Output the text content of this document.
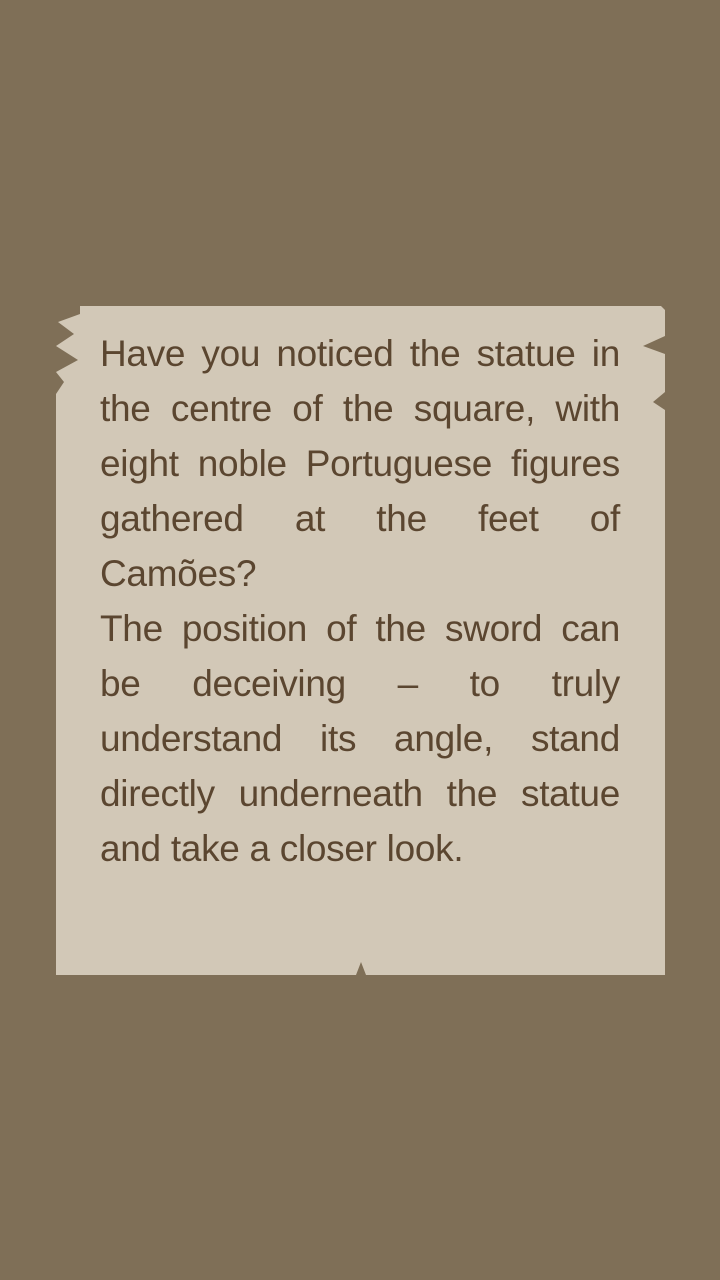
Have you noticed the statue in the centre of the square, with eight noble Portuguese figures gathered at the feet of Camões?

The position of the sword can be deceiving – to truly understand its angle, stand directly underneath the statue and take a closer look.
